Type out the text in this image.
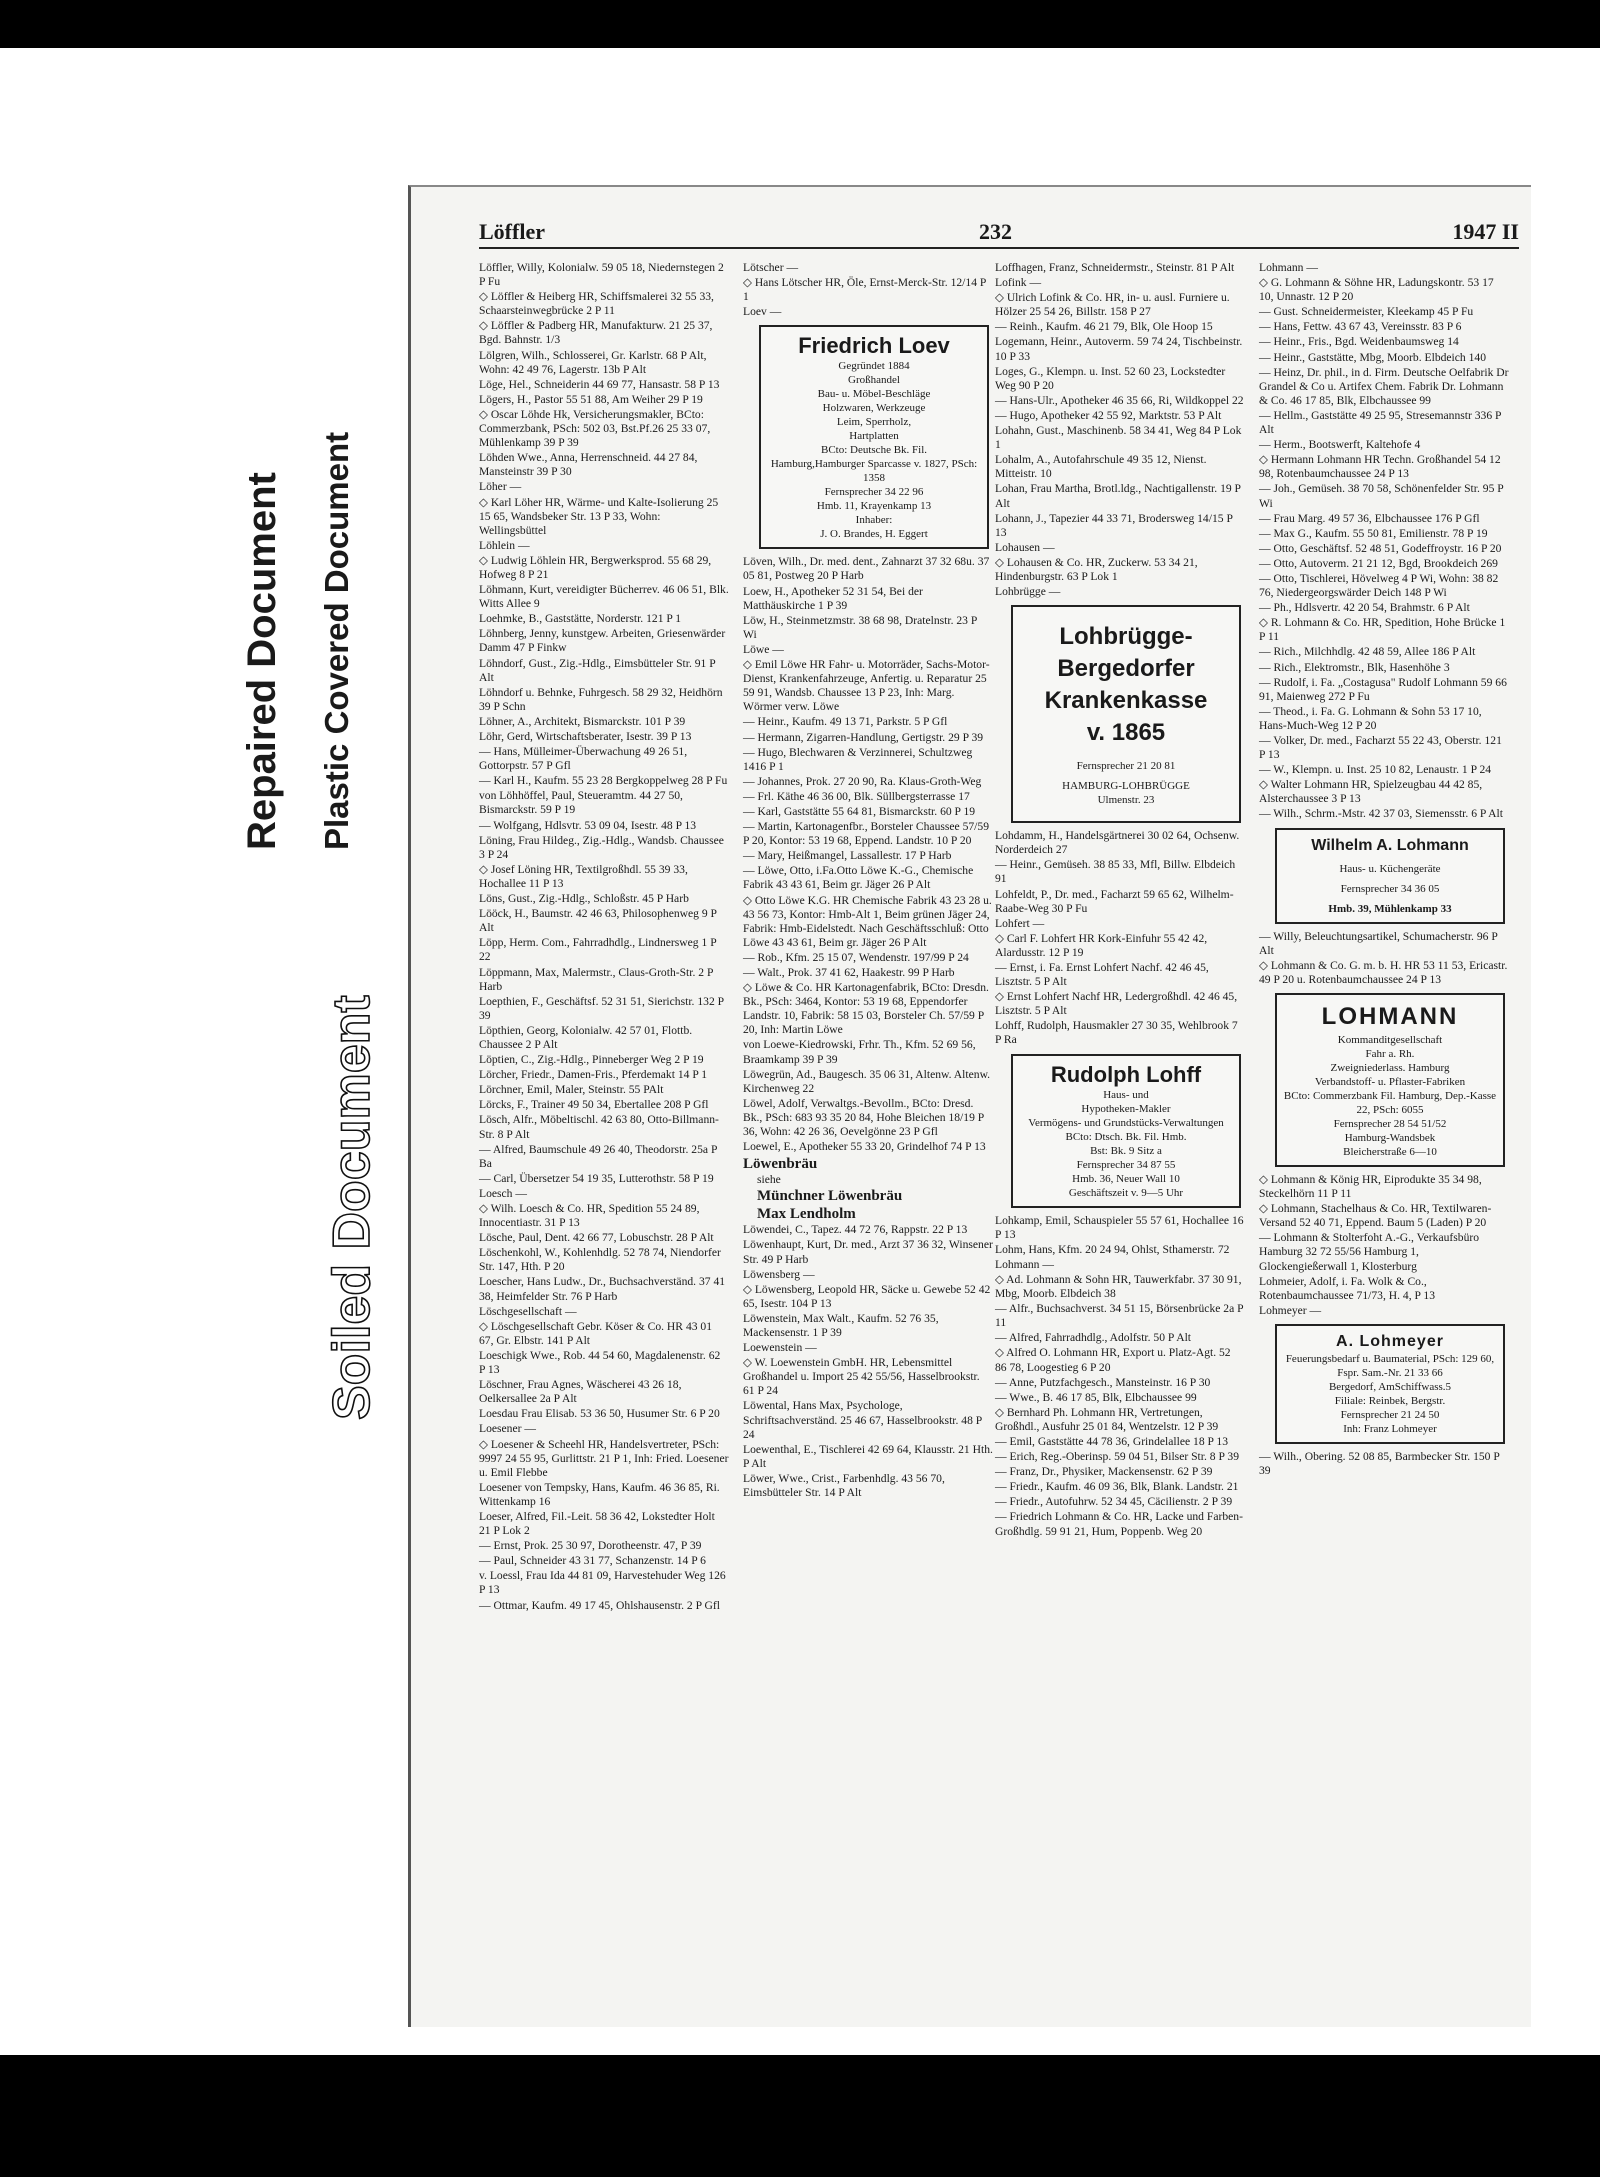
Repaired Document Plastic Covered Document
Soiled Document
Löffler	232	1947 II
Löffler, Willy, Kolonialw. 59 05 18, Niedernstegen 2 P Fu
◇ Löffler & Heiberg HR, Schiffsmalerei 32 55 33, Schaarsteinwegbrücke 2 P 11
◇ Löffler & Padberg HR, Manufakturw. 21 25 37, Bgd. Bahnstr. 1/3
Lölgren, Wilh., Schlosserei, Gr. Karlstr. 68 P Alt, Wohn: 42 49 76, Lagerstr. 13b P Alt
Löge, Hel., Schneiderin 44 69 77, Hansastr. 58 P 13
Lögers, H., Pastor 55 51 88, Am Weiher 29 P 19
◇ Oscar Löhde Hk, Versicherungsmakler, BCto: Commerzbank, PSch: 502 03, Bst.Pf.26 25 33 07, Mühlenkamp 39 P 39
Löhden Wwe., Anna, Herrenschneid. 44 27 84, Mansteinstr 39 P 30
Löher —
◇ Karl Löher HR, Wärme- und Kalte-Isolierung 25 15 65, Wandsbeker Str. 13 P 33, Wohn: Wellingsbüttel
Löhlein —
◇ Ludwig Löhlein HR, Bergwerksprod. 55 68 29, Hofweg 8 P 21
Löhmann, Kurt, vereidigter Bücherrev. 46 06 51, Blk. Witts Allee 9
Loehmke, B., Gaststätte, Norderstr. 121 P 1
Löhnberg, Jenny, kunstgew. Arbeiten, Griesenwärder Damm 47 P Finkw
Löhndorf, Gust., Zig.-Hdlg., Eimsbütteler Str. 91 P Alt
Löhndorf u. Behnke, Fuhrgesch. 58 29 32, Heidhörn 39 P Schn
Löhner, A., Architekt, Bismarckstr. 101 P 39
Löhr, Gerd, Wirtschaftsberater, Isestr. 39 P 13
— Hans, Mülleimer-Überwachung 49 26 51, Gottorpstr. 57 P Gfl
— Karl H., Kaufm. 55 23 28 Bergkoppelweg 28 P Fu
von Löhhöffel, Paul, Steueramtm. 44 27 50, Bismarckstr. 59 P 19
— Wolfgang, Hdlsvtr. 53 09 04, Isestr. 48 P 13
Löning, Frau Hildeg., Zig.-Hdlg., Wandsb. Chaussee 3 P 24
◇ Josef Löning HR, Textilgroßhdl. 55 39 33, Hochallee 11 P 13
Löns, Gust., Zig.-Hdlg., Schloßstr. 45 P Harb
Lööck, H., Baumstr. 42 46 63, Philosophenweg 9 P Alt
Löpp, Herm. Com., Fahrradhdlg., Lindnersweg 1 P 22
Löppmann, Max, Malermstr., Claus-Groth-Str. 2 P Harb
Loepthien, F., Geschäftsf. 52 31 51, Sierichstr. 132 P 39
Löpthien, Georg, Kolonialw. 42 57 01, Flottb. Chaussee 2 P Alt
Löptien, C., Zig.-Hdlg., Pinneberger Weg 2 P 19
Lörcher, Friedr., Damen-Fris., Pferdemakt 14 P 1
Lörchner, Emil, Maler, Steinstr. 55 PAlt
Lörcks, F., Trainer 49 50 34, Ebertallee 208 P Gfl
Lösch, Alfr., Möbeltischl. 42 63 80, Otto-Billmann-Str. 8 P Alt
— Alfred, Baumschule 49 26 40, Theodorstr. 25a P Ba
— Carl, Übersetzer 54 19 35, Lutterothstr. 58 P 19
Loesch —
◇ Wilh. Loesch & Co. HR, Spedition 55 24 89, Innocentiastr. 31 P 13
Lösche, Paul, Dent. 42 66 77, Lobuschstr. 28 P Alt
Löschenkohl, W., Kohlenhdlg. 52 78 74, Niendorfer Str. 147, Hth. P 20
Loescher, Hans Ludw., Dr., Buchsachverständ. 37 41 38, Heimfelder Str. 76 P Harb
Löschgesellschaft —
◇ Löschgesellschaft Gebr. Köser & Co. HR 43 01 67, Gr. Elbstr. 141 P Alt
Loeschigk Wwe., Rob. 44 54 60, Magdalenenstr. 62 P 13
Löschner, Frau Agnes, Wäscherei 43 26 18, Oelkersallee 2a P Alt
Loesdau Frau Elisab. 53 36 50, Husumer Str. 6 P 20
Loesener —
◇ Loesener & Scheehl HR, Handelsvertreter, PSch: 9997 24 55 95, Gurlittstr. 21 P 1, Inh: Fried. Loesener u. Emil Flebbe
Loesener von Tempsky, Hans, Kaufm. 46 36 85, Ri. Wittenkamp 16
Loeser, Alfred, Fil.-Leit. 58 36 42, Lokstedter Holt 21 P Lok 2
— Ernst, Prok. 25 30 97, Dorotheenstr. 47, P 39
— Paul, Schneider 43 31 77, Schanzenstr. 14 P 6
v. Loessl, Frau Ida 44 81 09, Harvestehuder Weg 126 P 13
— Ottmar, Kaufm. 49 17 45, Ohlshausenstr. 2 P Gfl
Lötscher —
◇ Hans Lötscher HR, Öle, Ernst-Merck-Str. 12/14 P 1
Loev —
Friedrich Loev
Gegründet 1884
Großhandel
Bau- u. Möbel-Beschläge
Holzwaren, Werkzeuge
Leim, Sperrholz,
Hartplatten
BCto: Deutsche Bk. Fil.
Hamburg,Hamburger Sparcasse v. 1827, PSch: 1358
Fernsprecher 34 22 96
Hmb. 11, Krayenkamp 13
Inhaber:
J. O. Brandes, H. Eggert
Löven, Wilh., Dr. med. dent., Zahnarzt 37 32 68u. 37 05 81, Postweg 20 P Harb
Loew, H., Apotheker 52 31 54, Bei der Matthäuskirche 1 P 39
Löw, H., Steinmetzmstr. 38 68 98, Dratelnstr. 23 P Wi
Löwe —
◇ Emil Löwe HR Fahr- u. Motorräder, Sachs-Motor-Dienst, Krankenfahrzeuge, Anfertig. u. Reparatur 25 59 91, Wandsb. Chaussee 13 P 23, Inh: Marg. Wörmer verw. Löwe
— Heinr., Kaufm. 49 13 71, Parkstr. 5 P Gfl
— Hermann, Zigarren-Handlung, Gertigstr. 29 P 39
— Hugo, Blechwaren & Verzinnerei, Schultzweg 1416 P 1
— Johannes, Prok. 27 20 90, Ra. Klaus-Groth-Weg
— Frl. Käthe 46 36 00, Blk. Süllbergsterrasse 17
— Karl, Gaststätte 55 64 81, Bismarckstr. 60 P 19
— Martin, Kartonagenfbr., Borsteler Chaussee 57/59 P 20, Kontor: 53 19 68, Eppend. Landstr. 10 P 20
— Mary, Heißmangel, Lassallestr. 17 P Harb
— Löwe, Otto, i.Fa.Otto Löwe K.-G., Chemische Fabrik 43 43 61, Beim gr. Jäger 26 P Alt
◇ Otto Löwe K.G. HR Chemische Fabrik 43 23 28 u. 43 56 73, Kontor: Hmb-Alt 1, Beim grünen Jäger 24, Fabrik: Hmb-Eidelstedt. Nach Geschäftsschluß: Otto Löwe 43 43 61, Beim gr. Jäger 26 P Alt
— Rob., Kfm. 25 15 07, Wendenstr. 197/99 P 24
— Walt., Prok. 37 41 62, Haakestr. 99 P Harb
◇ Löwe & Co. HR Kartonagenfabrik, BCto: Dresdn. Bk., PSch: 3464, Kontor: 53 19 68, Eppendorfer Landstr. 10, Fabrik: 58 15 03, Borsteler Ch. 57/59 P 20, Inh: Martin Löwe
von Loewe-Kiedrowski, Frhr. Th., Kfm. 52 69 56, Braamkamp 39 P 39
Löwegrün, Ad., Baugesch. 35 06 31, Altenw. Altenw. Kirchenweg 22
Löwel, Adolf, Verwaltgs.-Bevollm., BCto: Dresd. Bk., PSch: 683 93 35 20 84, Hohe Bleichen 18/19 P 36, Wohn: 42 26 36, Oevelgönne 23 P Gfl
Loewel, E., Apotheker 55 33 20, Grindelhof 74 P 13
Löwenbräu
siehe
Münchner Löwenbräu
Max Lendholm
Löwendei, C., Tapez. 44 72 76, Rappstr. 22 P 13
Löwenhaupt, Kurt, Dr. med., Arzt 37 36 32, Winsener Str. 49 P Harb
Löwensberg —
◇ Löwensberg, Leopold HR, Säcke u. Gewebe 52 42 65, Isestr. 104 P 13
Löwenstein, Max Walt., Kaufm. 52 76 35, Mackensenstr. 1 P 39
Loewenstein —
◇ W. Loewenstein GmbH. HR, Lebensmittel Großhandel u. Import 25 42 55/56, Hasselbrookstr. 61 P 24
Löwental, Hans Max, Psychologe, Schriftsachverständ. 25 46 67, Hasselbrookstr. 48 P 24
Loewenthal, E., Tischlerei 42 69 64, Klausstr. 21 Hth. P Alt
Löwer, Wwe., Crist., Farbenhdlg. 43 56 70, Eimsbütteler Str. 14 P Alt
Loffhagen, Franz, Schneidermstr., Steinstr. 81 P Alt
Lofink —
◇ Ulrich Lofink & Co. HR, in- u. ausl. Furniere u. Hölzer 25 54 26, Billstr. 158 P 27
— Reinh., Kaufm. 46 21 79, Blk, Ole Hoop 15
Logemann, Heinr., Autoverm. 59 74 24, Tischbeinstr. 10 P 33
Loges, G., Klempn. u. Inst. 52 60 23, Lockstedter Weg 90 P 20
— Hans-Ulr., Apotheker 46 35 66, Ri, Wildkoppel 22
— Hugo, Apotheker 42 55 92, Marktstr. 53 P Alt
Lohahn, Gust., Maschinenb. 58 34 41, Weg 84 P Lok 1
Lohalm, A., Autofahrschule 49 35 12, Nienst. Mitteistr. 10
Lohan, Frau Martha, Brotl.ldg., Nachtigallenstr. 19 P Alt
Lohann, J., Tapezier 44 33 71, Brodersweg 14/15 P 13
Lohausen —
◇ Lohausen & Co. HR, Zuckerw. 53 34 21, Hindenburgstr. 63 P Lok 1
Lohbrügge —
Lohbrügge-
Bergedorfer
Krankenkasse
v. 1865
Fernsprecher 21 20 81
HAMBURG-LOHBRÜGGE
Ulmenstr. 23
Lohdamm, H., Handelsgärtnerei 30 02 64, Ochsenw. Norderdeich 27
— Heinr., Gemüseh. 38 85 33, Mfl, Billw. Elbdeich 91
Lohfeldt, P., Dr. med., Facharzt 59 65 62, Wilhelm-Raabe-Weg 30 P Fu
Lohfert —
◇ Carl F. Lohfert HR Kork-Einfuhr 55 42 42, Alardusstr. 12 P 19
— Ernst, i. Fa. Ernst Lohfert Nachf. 42 46 45, Lisztstr. 5 P Alt
◇ Ernst Lohfert Nachf HR, Ledergroßhdl. 42 46 45, Lisztstr. 5 P Alt
Lohff, Rudolph, Hausmakler 27 30 35, Wehlbrook 7 P Ra
Rudolph Lohff
Haus- und
Hypotheken-Makler
Vermögens- und Grundstücks-Verwaltungen
BCto: Dtsch. Bk. Fil. Hmb.
Bst: Bk. 9 Sitz a
Fernsprecher 34 87 55
Hmb. 36, Neuer Wall 10
Geschäftszeit v. 9—5 Uhr
Lohkamp, Emil, Schauspieler 55 57 61, Hochallee 16 P 13
Lohm, Hans, Kfm. 20 24 94, Ohlst, Sthamerstr. 72
Lohmann —
◇ Ad. Lohmann & Sohn HR, Tauwerkfabr. 37 30 91, Mbg, Moorb. Elbdeich 38
— Alfr., Buchsachverst. 34 51 15, Börsenbrücke 2a P 11
— Alfred, Fahrradhdlg., Adolfstr. 50 P Alt
◇ Alfred O. Lohmann HR, Export u. Platz-Agt. 52 86 78, Loogestieg 6 P 20
— Anne, Putzfachgesch., Mansteinstr. 16 P 30
— Wwe., B. 46 17 85, Blk, Elbchaussee 99
◇ Bernhard Ph. Lohmann HR, Vertretungen, Großhdl., Ausfuhr 25 01 84, Wentzelstr. 12 P 39
— Emil, Gaststätte 44 78 36, Grindelallee 18 P 13
— Erich, Reg.-Oberinsp. 59 04 51, Bilser Str. 8 P 39
— Franz, Dr., Physiker, Mackensenstr. 62 P 39
— Friedr., Kaufm. 46 09 36, Blk, Blank. Landstr. 21
— Friedr., Autofuhrw. 52 34 45, Cäcilienstr. 2 P 39
— Friedrich Lohmann & Co. HR, Lacke und Farben-Großhdlg. 59 91 21, Hum, Poppenb. Weg 20
Lohmann —
◇ G. Lohmann & Söhne HR, Ladungskontr. 53 17 10, Unnastr. 12 P 20
— Gust. Schneidermeister, Kleekamp 45 P Fu
— Hans, Fettw. 43 67 43, Vereinsstr. 83 P 6
— Heinr., Fris., Bgd. Weidenbaumsweg 14
— Heinr., Gaststätte, Mbg, Moorb. Elbdeich 140
— Heinz, Dr. phil., in d. Firm. Deutsche Oelfabrik Dr Grandel & Co u. Artifex Chem. Fabrik Dr. Lohmann & Co. 46 17 85, Blk, Elbchaussee 99
— Hellm., Gaststätte 49 25 95, Stresemannstr 336 P Alt
— Herm., Bootswerft, Kaltehofe 4
◇ Hermann Lohmann HR Techn. Großhandel 54 12 98, Rotenbaumchaussee 24 P 13
— Joh., Gemüseh. 38 70 58, Schönenfelder Str. 95 P Wi
— Frau Marg. 49 57 36, Elbchaussee 176 P Gfl
— Max G., Kaufm. 55 50 81, Emilienstr. 78 P 19
— Otto, Geschäftsf. 52 48 51, Godeffroystr. 16 P 20
— Otto, Autoverm. 21 21 12, Bgd, Brookdeich 269
— Otto, Tischlerei, Hövelweg 4 P Wi, Wohn: 38 82 76, Niedergeorgswärder Deich 148 P Wi
— Ph., Hdlsvertr. 42 20 54, Brahmstr. 6 P Alt
◇ R. Lohmann & Co. HR, Spedition, Hohe Brücke 1 P 11
— Rich., Milchhdlg. 42 48 59, Allee 186 P Alt
— Rich., Elektromstr., Blk, Hasenhöhe 3
— Rudolf, i. Fa. „Costagusa" Rudolf Lohmann 59 66 91, Maienweg 272 P Fu
— Theod., i. Fa. G. Lohmann & Sohn 53 17 10, Hans-Much-Weg 12 P 20
— Volker, Dr. med., Facharzt 55 22 43, Oberstr. 121 P 13
— W., Klempn. u. Inst. 25 10 82, Lenaustr. 1 P 24
◇ Walter Lohmann HR, Spielzeugbau 44 42 85, Alsterchaussee 3 P 13
— Wilh., Schrm.-Mstr. 42 37 03, Siemensstr. 6 P Alt
Wilhelm A. Lohmann
Haus- u. Küchengeräte
Fernsprecher 34 36 05
Hmb. 39, Mühlenkamp 33
— Willy, Beleuchtungsartikel, Schumacherstr. 96 P Alt
◇ Lohmann & Co. G. m. b. H. HR 53 11 53, Ericastr. 49 P 20 u. Rotenbaumchaussee 24 P 13
LOHMANN
Kommanditgesellschaft
Fahr a. Rh.
Zweigniederlass. Hamburg
Verbandstoff- u. Pflaster-Fabriken
BCto: Commerzbank Fil. Hamburg, Dep.-Kasse 22, PSch: 6055
Fernsprecher 28 54 51/52
Hamburg-Wandsbek
Bleicherstraße 6—10
◇ Lohmann & König HR, Eiprodukte 35 34 98, Steckelhörn 11 P 11
◇ Lohmann, Stachelhaus & Co. HR, Textilwaren-Versand 52 40 71, Eppend. Baum 5 (Laden) P 20
— Lohmann & Stolterfoht A.-G., Verkaufsbüro Hamburg 32 72 55/56 Hamburg 1, Glockengießerwall 1, Klosterburg
Lohmeier, Adolf, i. Fa. Wolk & Co., Rotenbaumchaussee 71/73, H. 4, P 13
Lohmeyer —
A. Lohmeyer
Feuerungsbedarf u. Baumaterial, PSch: 129 60,
Fspr. Sam.-Nr. 21 33 66
Bergedorf, AmSchiffwass.5
Filiale: Reinbek, Bergstr.
Fernsprecher 21 24 50
Inh: Franz Lohmeyer
— Wilh., Obering. 52 08 85, Barmbecker Str. 150 P 39
